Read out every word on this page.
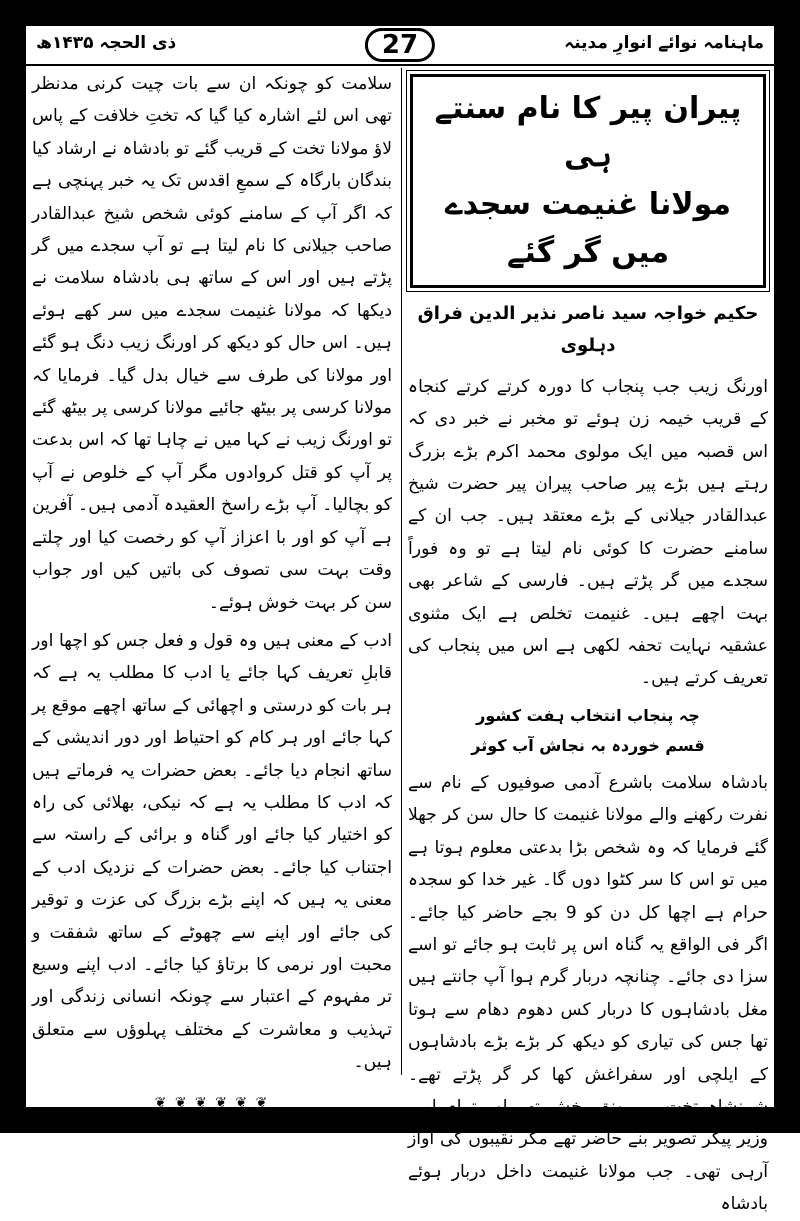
ماہنامہ نوائے انوارِ مدینہ
27
ذی الحجہ ۱۴۳۵ھ
پیران پیر کا نام سنتے ہی
مولانا غنیمت سجدے میں گر گئے
حکیم خواجہ سید ناصر نذیر الدین فراق دہلوی

اورنگ زیب جب پنجاب کا دورہ کرتے کرتے کنجاہ کے قریب خیمہ زن ہوئے تو مخبر نے خبر دی کہ اس قصبہ میں ایک مولوی محمد اکرم بڑے بزرگ رہتے ہیں بڑے پیر صاحب پیران پیر حضرت شیخ عبدالقادر جیلانی کے بڑے معتقد ہیں۔ جب ان کے سامنے حضرت کا کوئی نام لیتا ہے تو وہ فوراً سجدے میں گر پڑتے ہیں۔ فارسی کے شاعر بھی بہت اچھے ہیں۔ غنیمت تخلص ہے ایک مثنوی عشقیہ نہایت تحفہ لکھی ہے اس میں پنجاب کی تعریف کرتے ہیں۔

چہ پنجاب انتخاب ہفت کشور
قسم خوردہ بہ نجاش آب کوثر

بادشاہ سلامت باشرع آدمی صوفیوں کے نام سے نفرت رکھنے والے مولانا غنیمت کا حال سن کر جھلا گئے فرمایا کہ وہ شخص بڑا بدعتی معلوم ہوتا ہے میں تو اس کا سر کٹوا دوں گا۔ غیر خدا کو سجدہ حرام ہے اچھا کل دن کو 9 بجے حاضر کیا جائے۔ اگر فی الواقع یہ گناہ اس پر ثابت ہو جائے تو اسے سزا دی جائے۔ چنانچہ دربار گرم ہوا آپ جانتے ہیں مغل بادشاہوں کا دربار کس دھوم دھام سے ہوتا تھا جس کی تیاری کو دیکھ کر بڑے بڑے بادشاہوں کے ایلچی اور سفراغش کھا کر گر پڑتے تھے۔ شہنشاہ تخت پر رونق بخش تھے اور تمام امیر وزیر پیکر تصویر بنے حاضر تھے مگر نقیبوں کی آواز آرہی تھی۔ جب مولانا غنیمت داخل دربار ہوئے بادشاہ

سلامت کو چونکہ ان سے بات چیت کرنی مدنظر تھی اس لئے اشارہ کیا گیا کہ تختِ خلافت کے پاس لاؤ مولانا تخت کے قریب گئے تو بادشاہ نے ارشاد کیا بندگان بارگاہ کے سمعِ اقدس تک یہ خبر پہنچی ہے کہ اگر آپ کے سامنے کوئی شخص شیخ عبدالقادر صاحب جیلانی کا نام لیتا ہے تو آپ سجدے میں گر پڑتے ہیں اور اس کے ساتھ ہی بادشاہ سلامت نے دیکھا کہ مولانا غنیمت سجدے میں سر کھے ہوئے ہیں۔ اس حال کو دیکھ کر اورنگ زیب دنگ ہو گئے اور مولانا کی طرف سے خیال بدل گیا۔ فرمایا کہ مولانا کرسی پر بیٹھ جائیے مولانا کرسی پر بیٹھ گئے تو اورنگ زیب نے کہا میں نے چاہا تھا کہ اس بدعت پر آپ کو قتل کروادوں مگر آپ کے خلوص نے آپ کو بچالیا۔ آپ بڑے راسخ العقیدہ آدمی ہیں۔ آفرین ہے آپ کو اور با اعزاز آپ کو رخصت کیا اور چلتے وقت بہت سی تصوف کی باتیں کیں اور جواب سن کر بہت خوش ہوئے۔

ادب کے معنی ہیں وہ قول و فعل جس کو اچھا اور قابلِ تعریف کہا جائے یا ادب کا مطلب یہ ہے کہ ہر بات کو درستی و اچھائی کے ساتھ اچھے موقع پر کہا جائے اور ہر کام کو احتیاط اور دور اندیشی کے ساتھ انجام دیا جائے۔ بعض حضرات یہ فرماتے ہیں کہ ادب کا مطلب یہ ہے کہ نیکی، بھلائی کی راہ کو اختیار کیا جائے اور گناہ و برائی کے راستہ سے اجتناب کیا جائے۔ بعض حضرات کے نزدیک ادب کے معنی یہ ہیں کہ اپنے بڑے بزرگ کی عزت و توقیر کی جائے اور اپنے سے چھوٹے کے ساتھ شفقت و محبت اور نرمی کا برتاؤ کیا جائے۔ ادب اپنے وسیع تر مفہوم کے اعتبار سے چونکہ انسانی زندگی اور تہذیب و معاشرت کے مختلف پہلوؤں سے متعلق ہیں۔

❦ ❦ ❦ ❦ ❦ ❦
